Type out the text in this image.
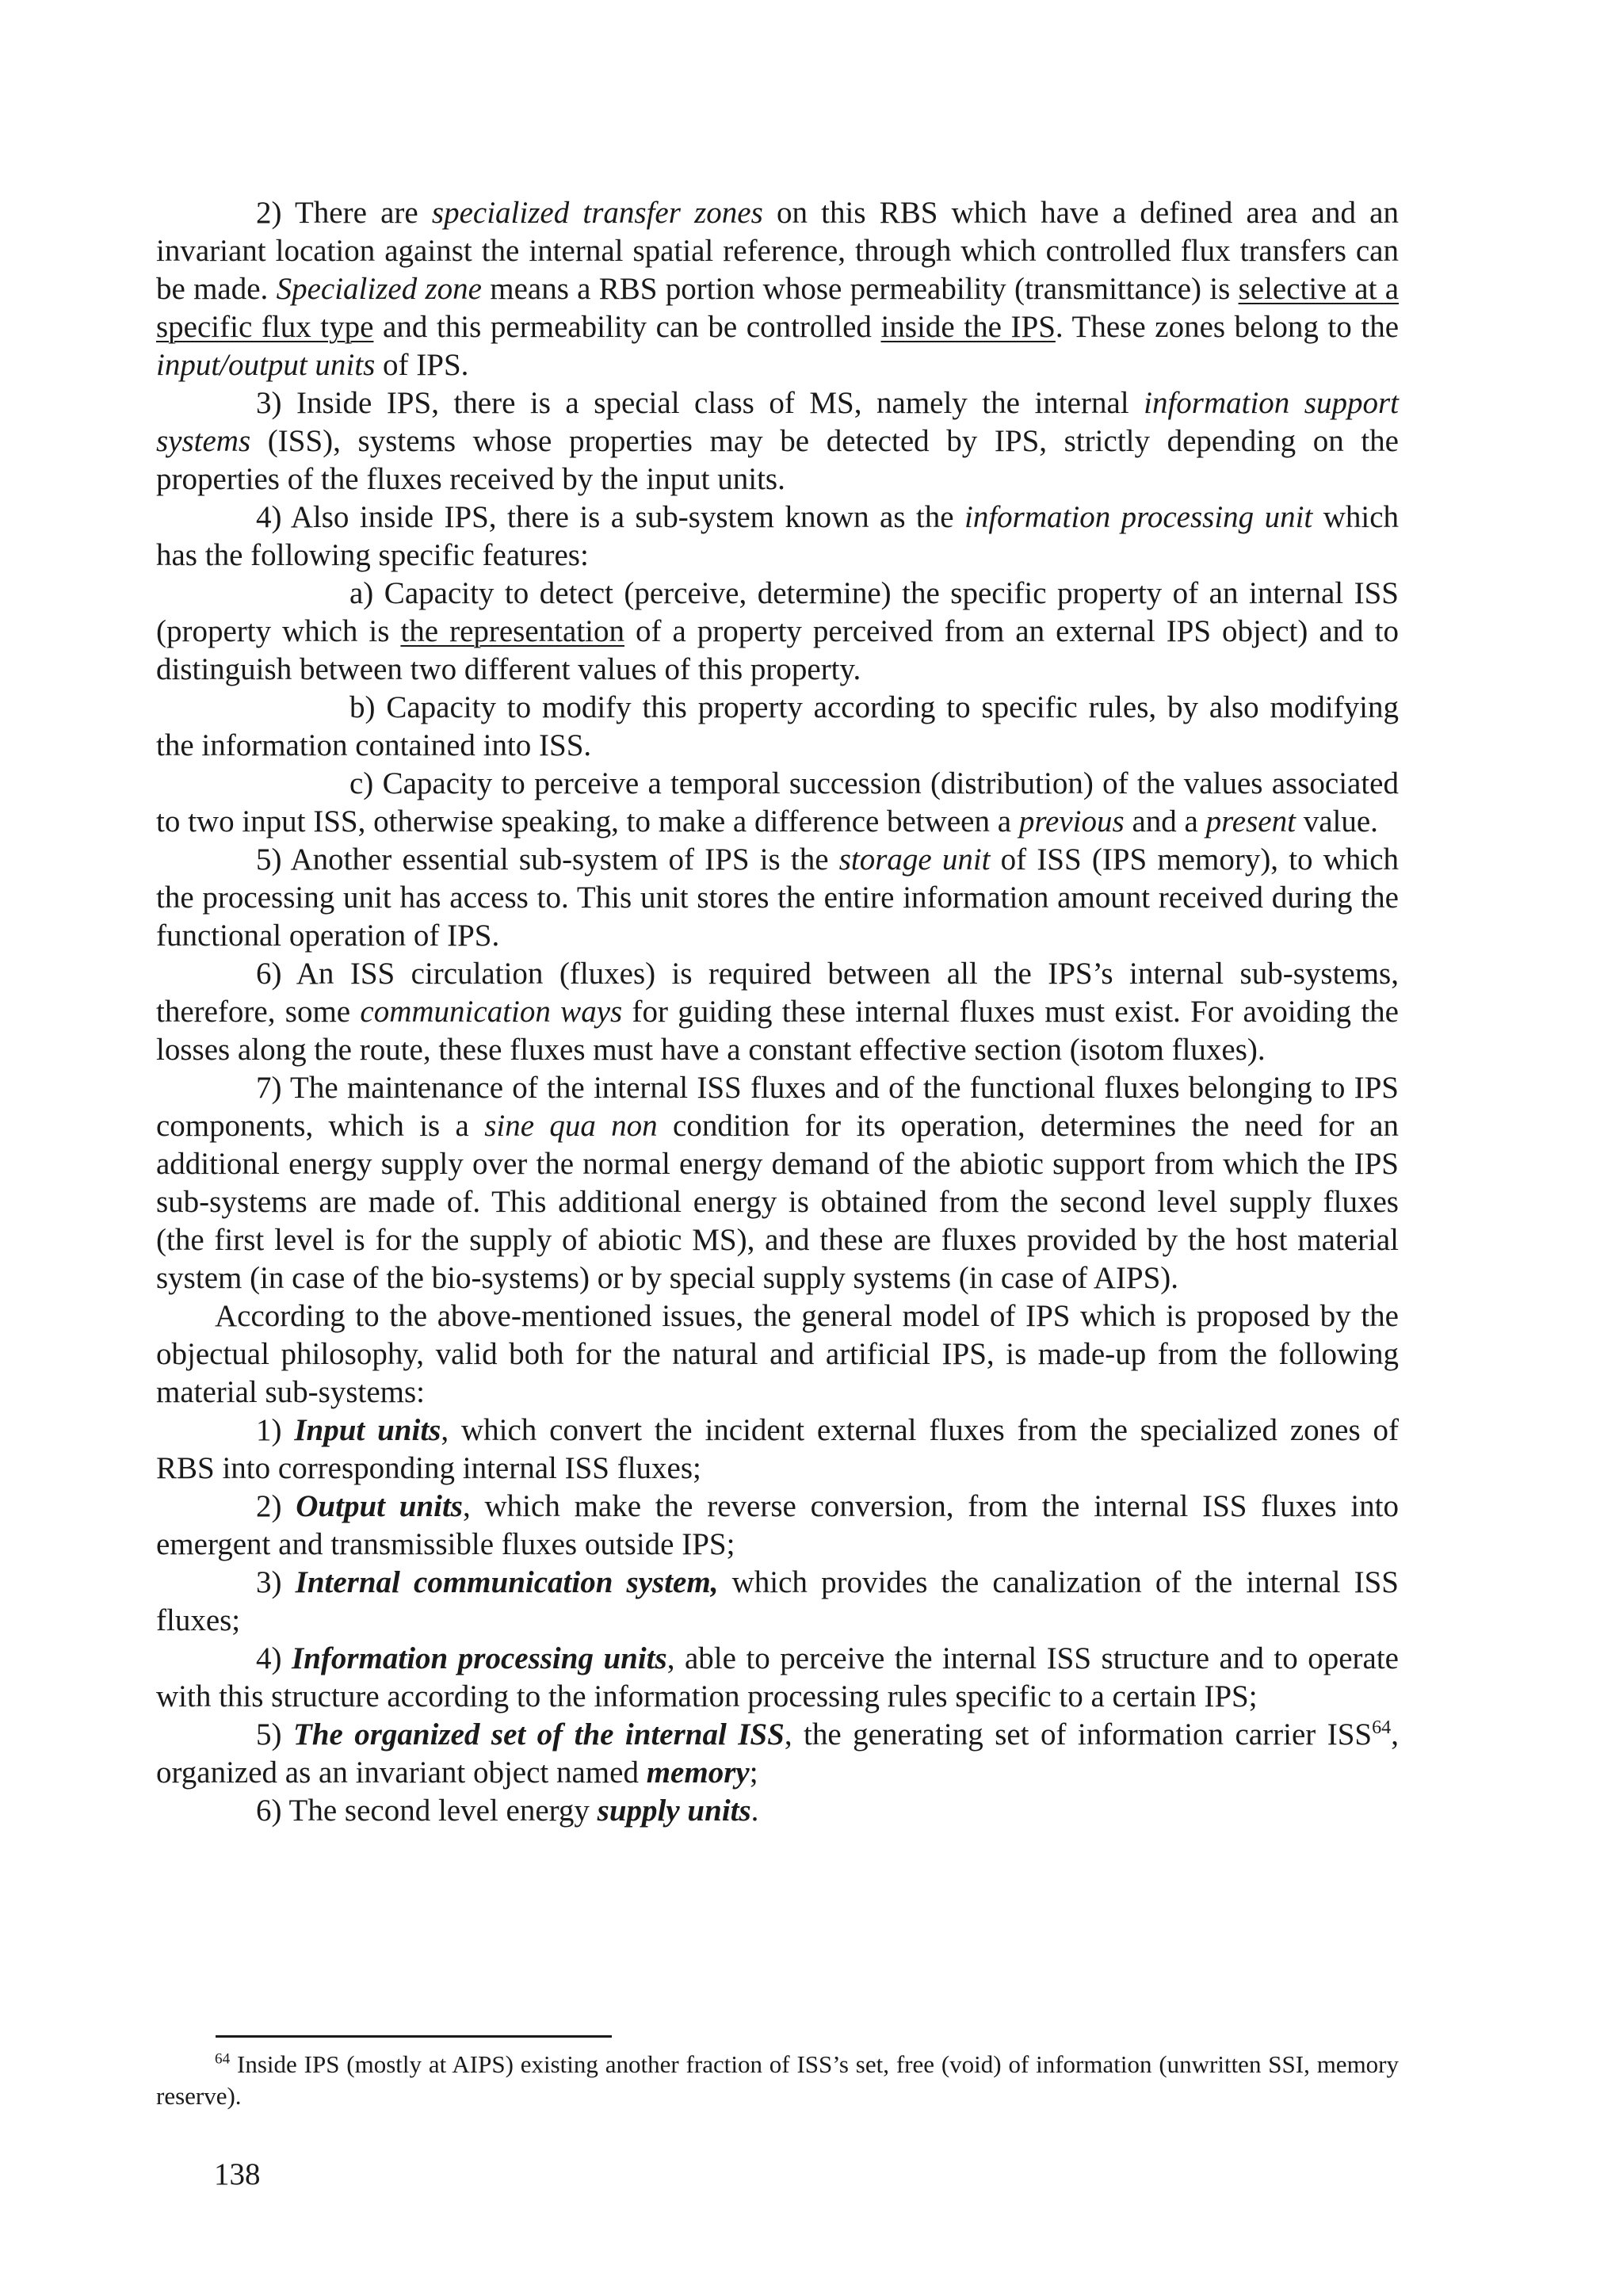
2) There are specialized transfer zones on this RBS which have a defined area and an invariant location against the internal spatial reference, through which controlled flux transfers can be made. Specialized zone means a RBS portion whose permeability (transmittance) is selective at a specific flux type and this permeability can be controlled inside the IPS. These zones belong to the input/output units of IPS.

3) Inside IPS, there is a special class of MS, namely the internal information support systems (ISS), systems whose properties may be detected by IPS, strictly depending on the properties of the fluxes received by the input units.

4) Also inside IPS, there is a sub-system known as the information processing unit which has the following specific features:

a) Capacity to detect (perceive, determine) the specific property of an internal ISS (property which is the representation of a property perceived from an external IPS object) and to distinguish between two different values of this property.

b) Capacity to modify this property according to specific rules, by also modifying the information contained into ISS.

c) Capacity to perceive a temporal succession (distribution) of the values associated to two input ISS, otherwise speaking, to make a difference between a previous and a present value.

5) Another essential sub-system of IPS is the storage unit of ISS (IPS memory), to which the processing unit has access to. This unit stores the entire information amount received during the functional operation of IPS.

6) An ISS circulation (fluxes) is required between all the IPS’s internal sub-systems, therefore, some communication ways for guiding these internal fluxes must exist. For avoiding the losses along the route, these fluxes must have a constant effective section (isotom fluxes).

7) The maintenance of the internal ISS fluxes and of the functional fluxes belonging to IPS components, which is a sine qua non condition for its operation, determines the need for an additional energy supply over the normal energy demand of the abiotic support from which the IPS sub-systems are made of. This additional energy is obtained from the second level supply fluxes (the first level is for the supply of abiotic MS), and these are fluxes provided by the host material system (in case of the bio-systems) or by special supply systems (in case of AIPS).

According to the above-mentioned issues, the general model of IPS which is proposed by the objectual philosophy, valid both for the natural and artificial IPS, is made-up from the following material sub-systems:

1) Input units, which convert the incident external fluxes from the specialized zones of RBS into corresponding internal ISS fluxes;

2) Output units, which make the reverse conversion, from the internal ISS fluxes into emergent and transmissible fluxes outside IPS;

3) Internal communication system, which provides the canalization of the internal ISS fluxes;

4) Information processing units, able to perceive the internal ISS structure and to operate with this structure according to the information processing rules specific to a certain IPS;

5) The organized set of the internal ISS, the generating set of information carrier ISS$^{64}$, organized as an invariant object named memory;

6) The second level energy supply units.

$^{64}$ Inside IPS (mostly at AIPS) existing another fraction of ISS’s set, free (void) of information (unwritten SSI, memory reserve).

138
